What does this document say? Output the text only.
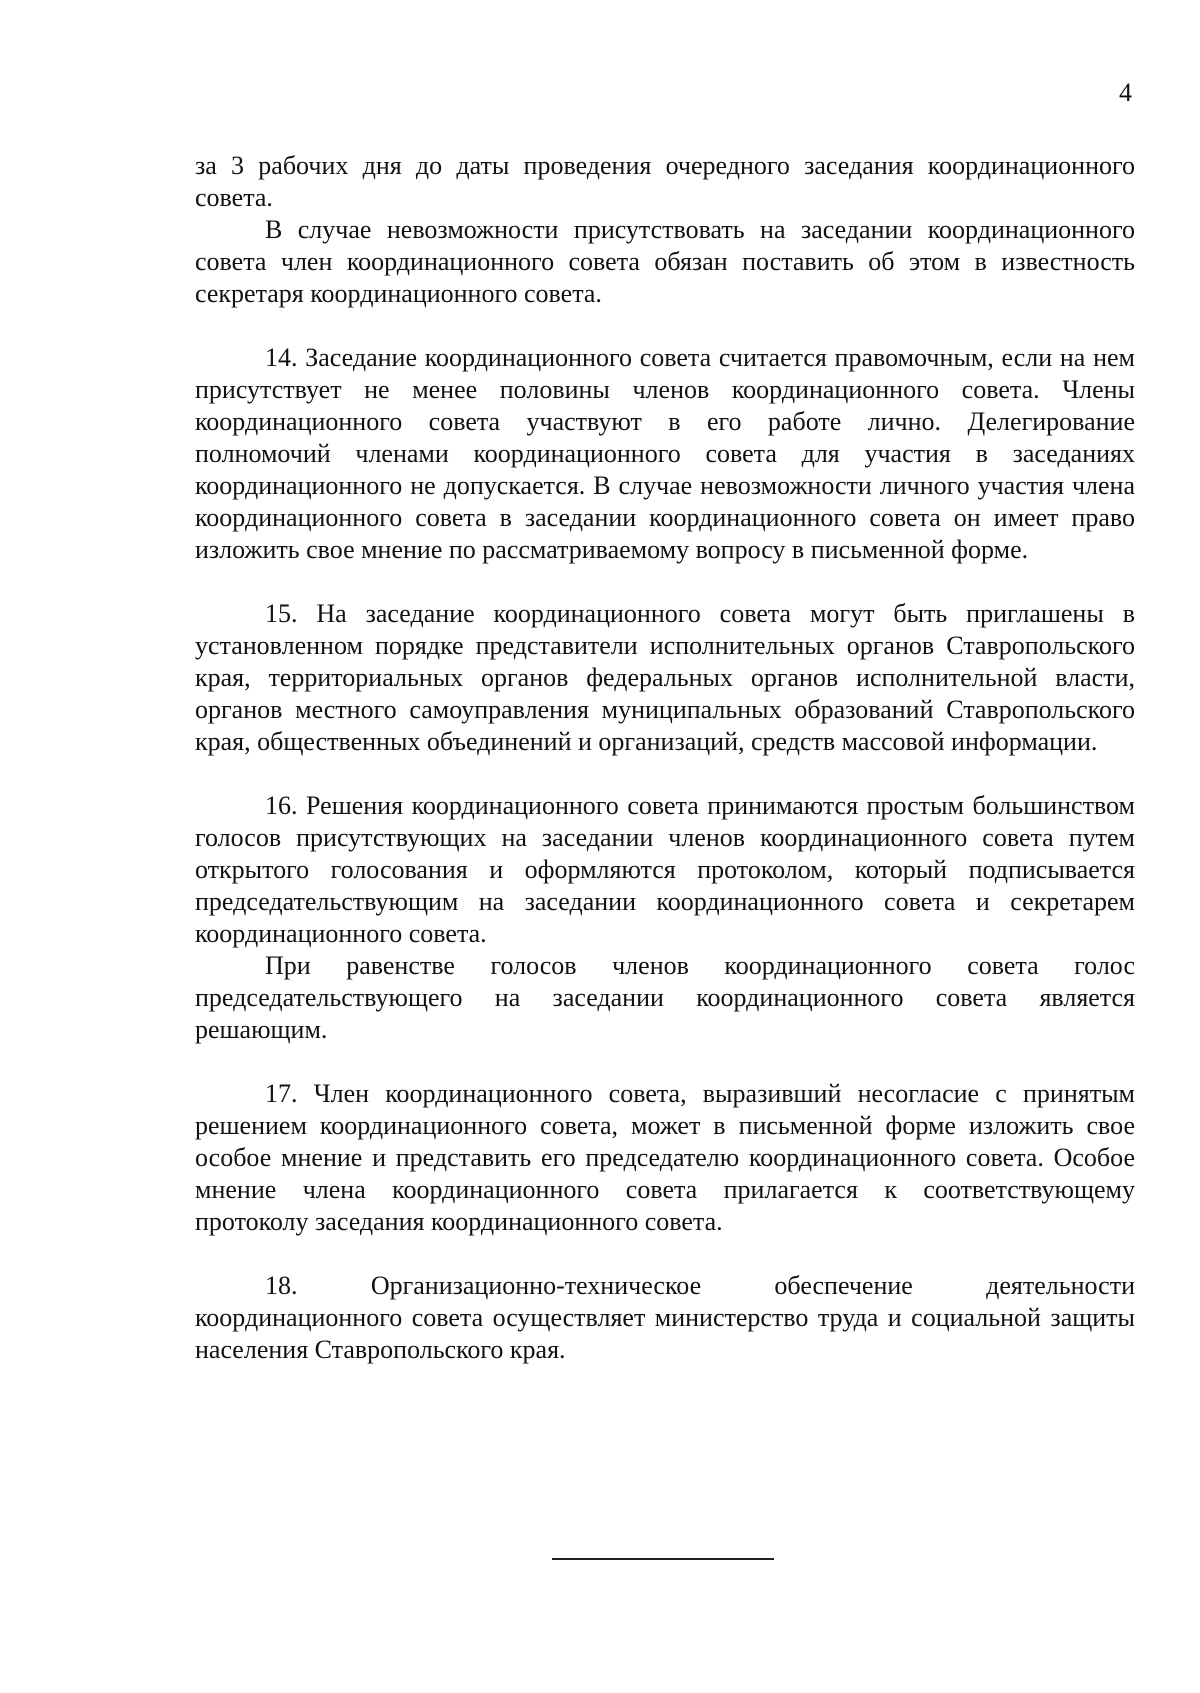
4

за 3 рабочих дня до даты проведения очередного заседания координационного совета.

В случае невозможности присутствовать на заседании координационного совета член координационного совета обязан поставить об этом в известность секретаря координационного совета.

14. Заседание координационного совета считается правомочным, если на нем присутствует не менее половины членов координационного совета. Члены координационного совета участвуют в его работе лично. Делегирование полномочий членами координационного совета для участия в заседаниях координационного не допускается. В случае невозможности личного участия члена координационного совета в заседании координационного совета он имеет право изложить свое мнение по рассматриваемому вопросу в письменной форме.

15. На заседание координационного совета могут быть приглашены в установленном порядке представители исполнительных органов Ставропольского края, территориальных органов федеральных органов исполнительной власти, органов местного самоуправления муниципальных образований Ставропольского края, общественных объединений и организаций, средств массовой информации.

16. Решения координационного совета принимаются простым большинством голосов присутствующих на заседании членов координационного совета путем открытого голосования и оформляются протоколом, который подписывается председательствующим на заседании координационного совета и секретарем координационного совета.

При равенстве голосов членов координационного совета голос председательствующего на заседании координационного совета является решающим.

17. Член координационного совета, выразивший несогласие с принятым решением координационного совета, может в письменной форме изложить свое особое мнение и представить его председателю координационного совета. Особое мнение члена координационного совета прилагается к соответствующему протоколу заседания координационного совета.

18. Организационно-техническое обеспечение деятельности координационного совета осуществляет министерство труда и социальной защиты населения Ставропольского края.
